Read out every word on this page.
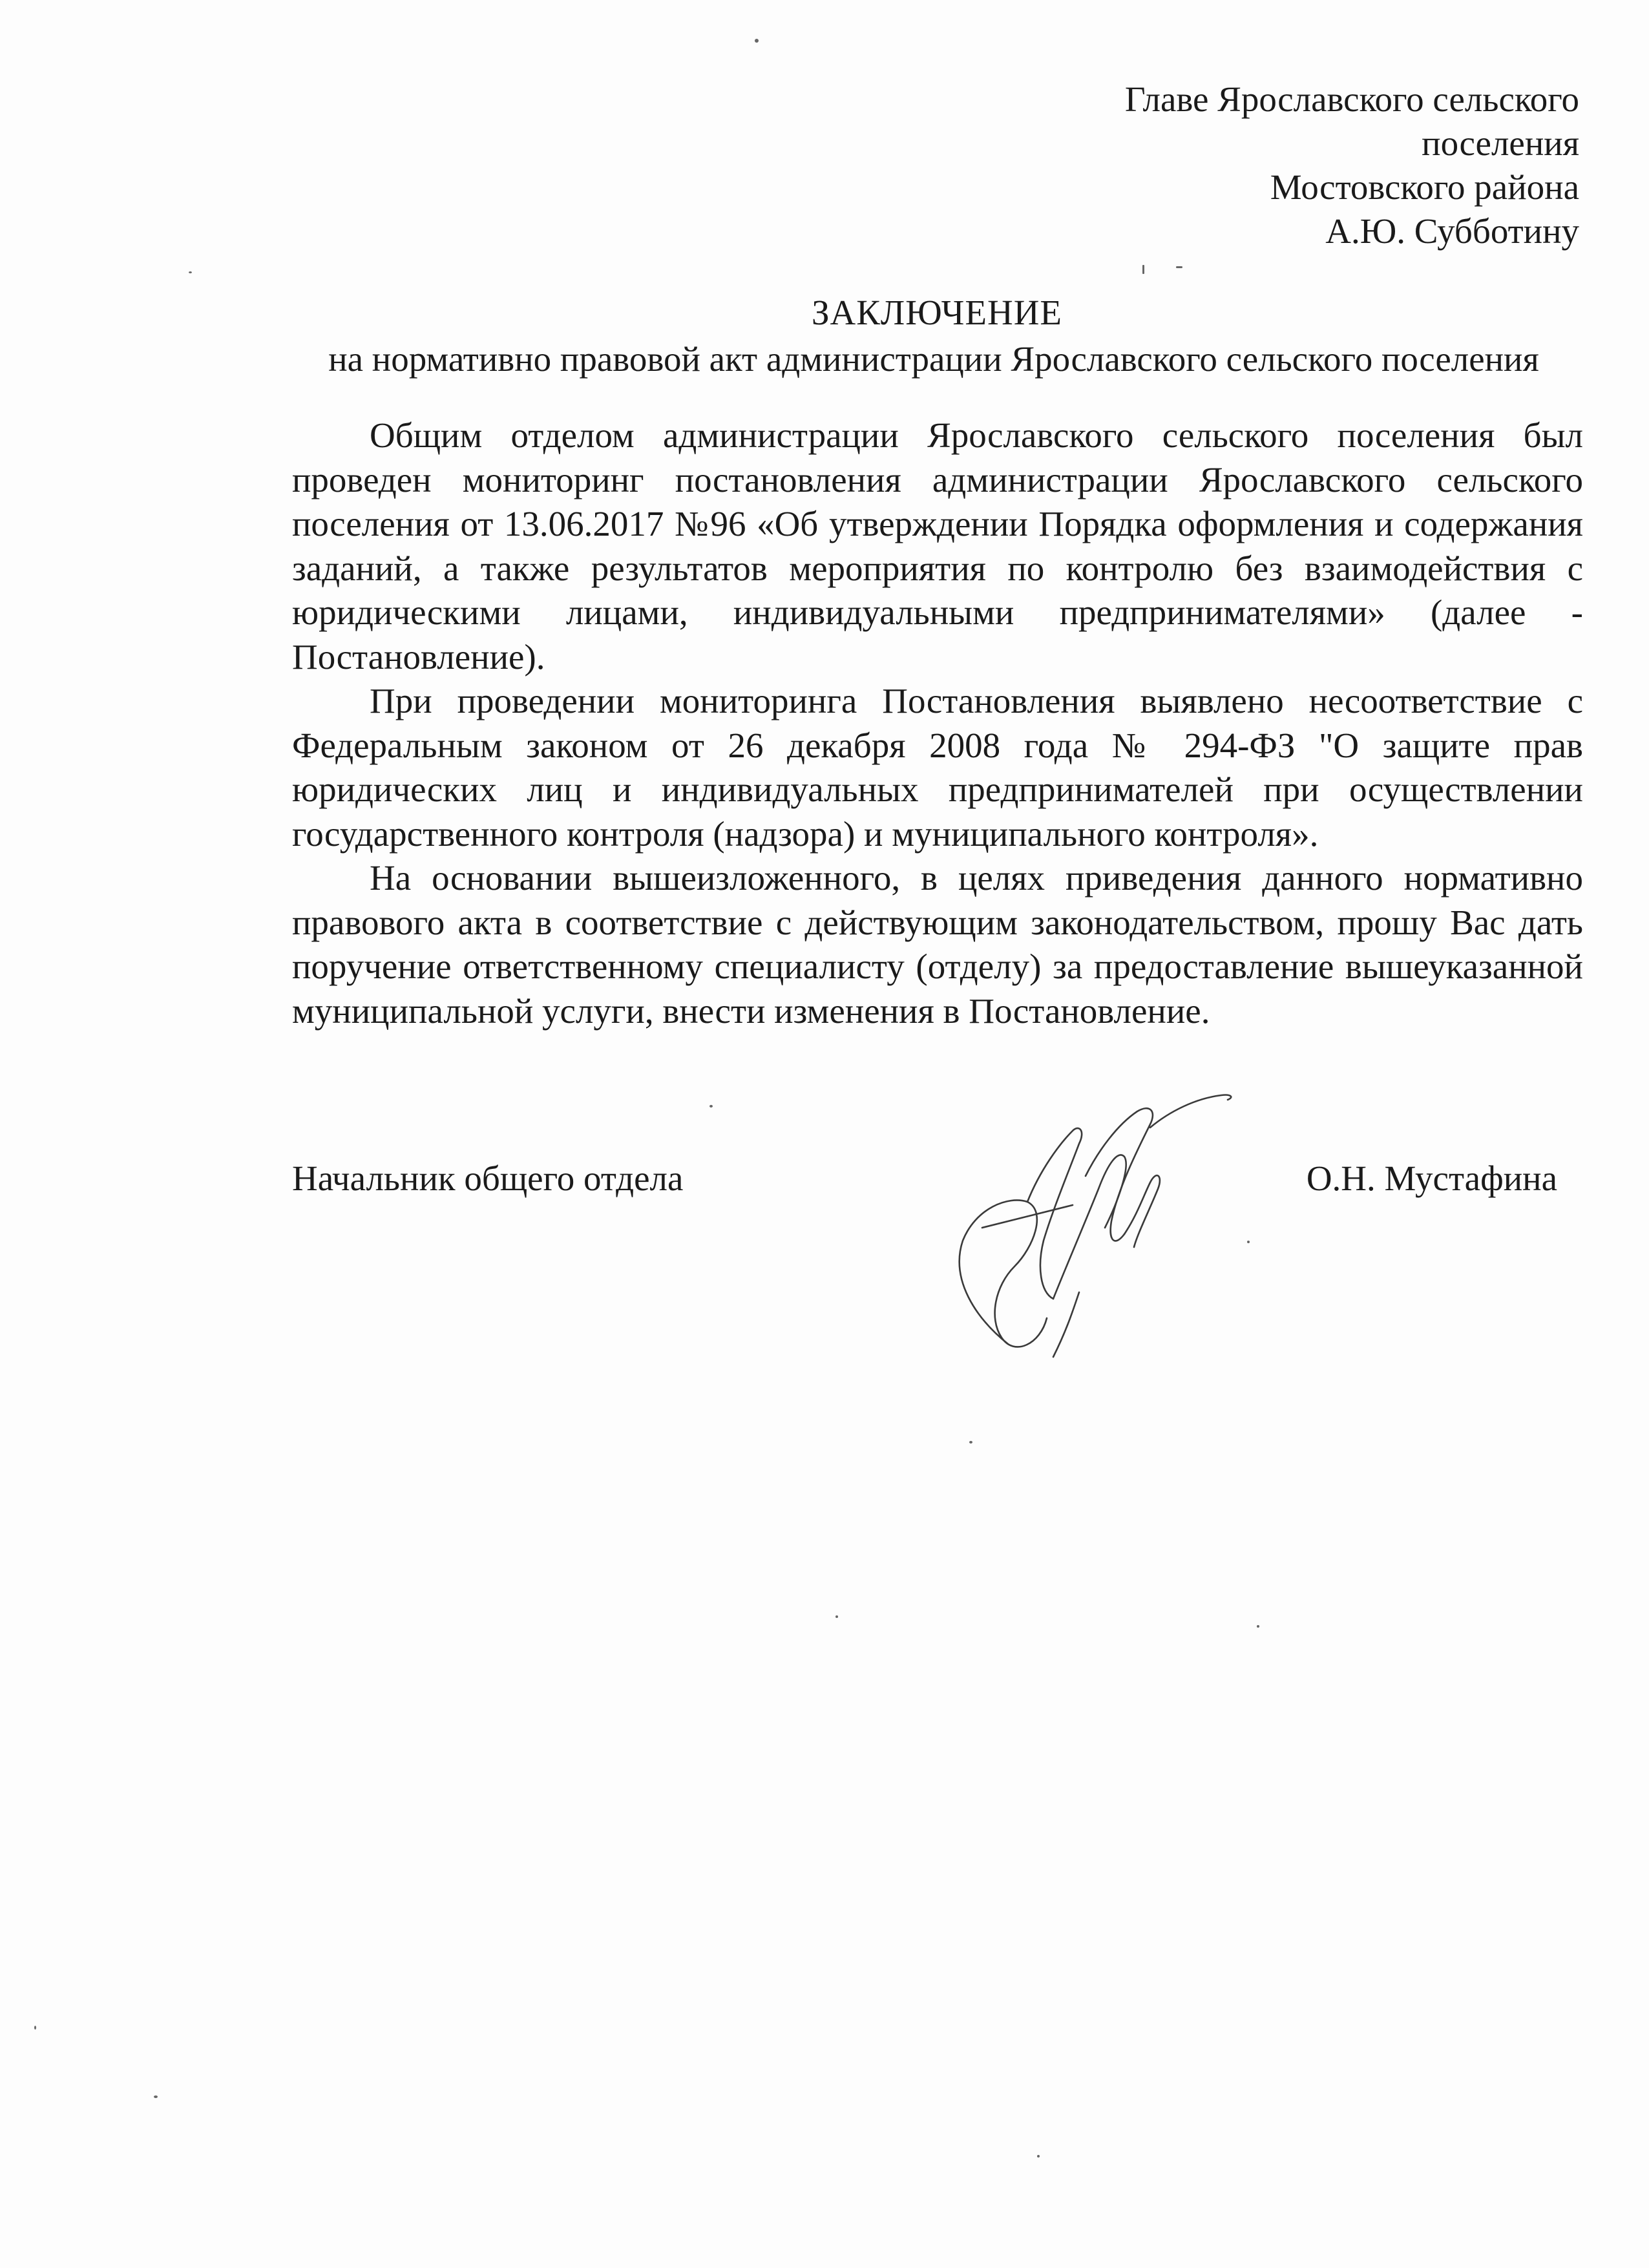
Главе Ярославского сельского
поселения
Мостовского района
А.Ю. Субботину
ЗАКЛЮЧЕНИЕ
на нормативно правовой акт администрации Ярославского сельского поселения

Общим отделом администрации Ярославского сельского поселения был проведен мониторинг постановления администрации Ярославского сельского поселения от 13.06.2017 №96 «Об утверждении Порядка оформления и содержания заданий, а также результатов мероприятия по контролю без взаимодействия с юридическими лицами, индивидуальными предпринимателями» (далее - Постановление).

При проведении мониторинга Постановления выявлено несоответствие с Федеральным законом от 26 декабря 2008 года № 294-ФЗ "О защите прав юридических лиц и индивидуальных предпринимателей при осуществлении государственного контроля (надзора) и муниципального контроля».

На основании вышеизложенного, в целях приведения данного нормативно правового акта в соответствие с действующим законодательством, прошу Вас дать поручение ответственному специалисту (отделу) за предоставление вышеуказанной муниципальной услуги, внести изменения в Постановление.

Начальник общего отдела	О.Н. Мустафина
